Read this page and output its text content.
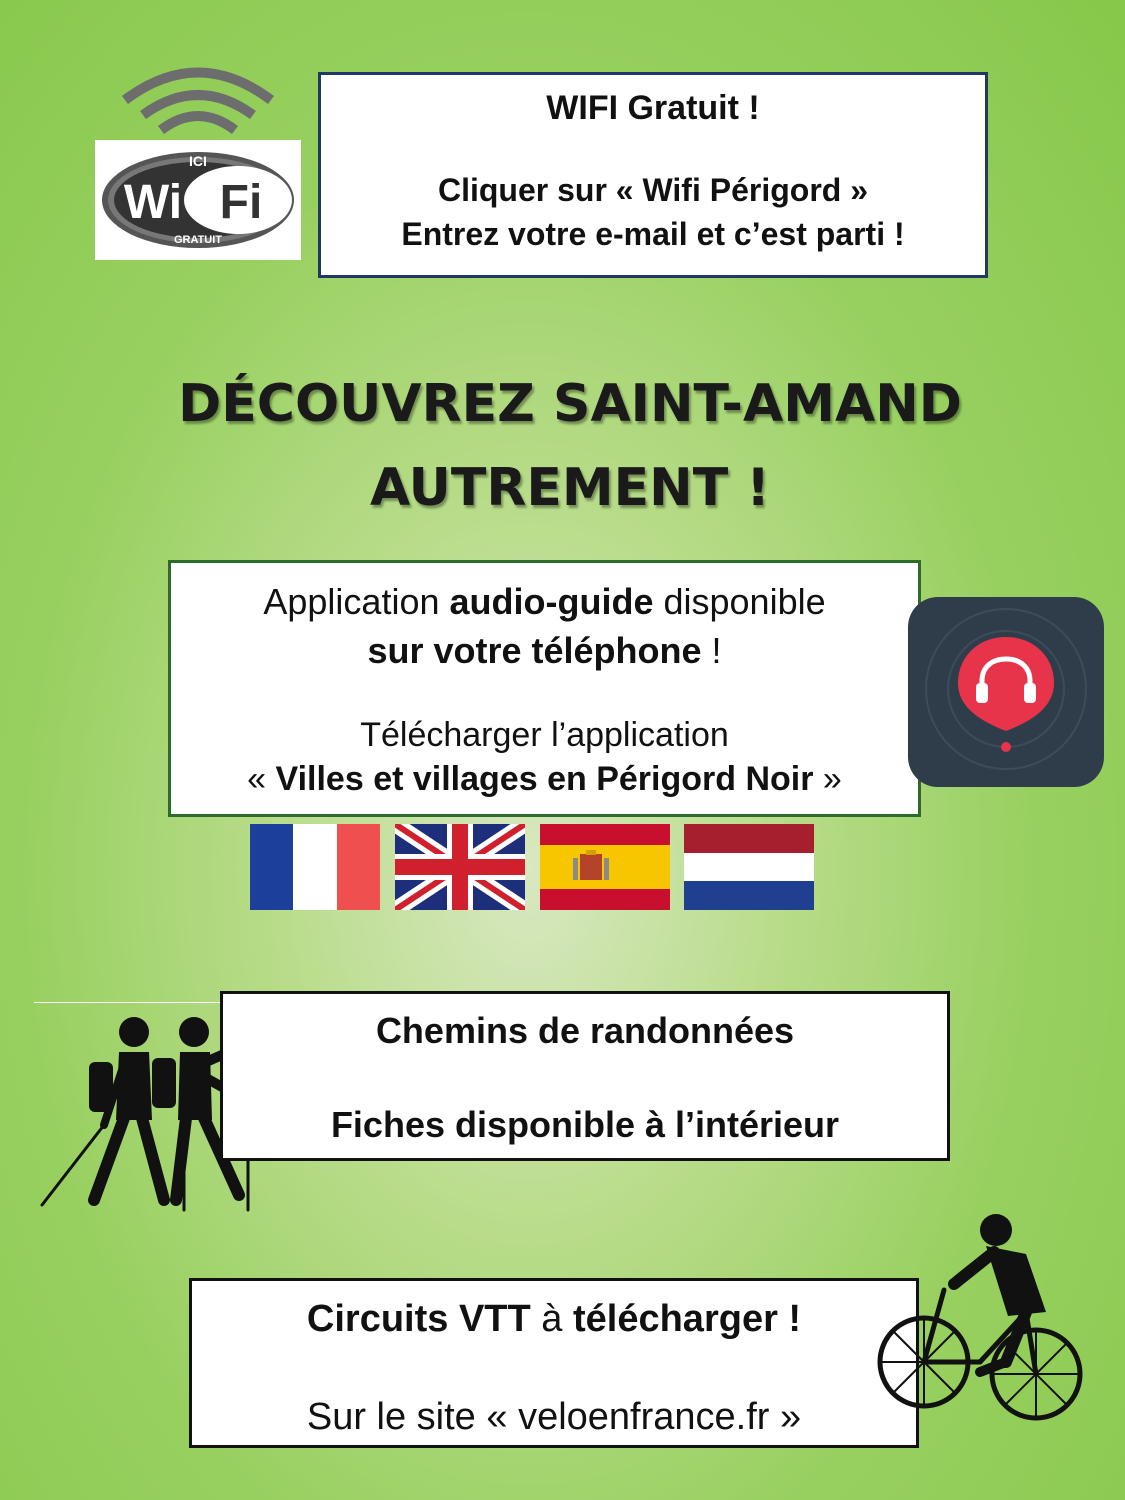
ICI
Wi Fi
GRATUIT
WIFI Gratuit !
Cliquer sur « Wifi Périgord »
Entrez votre e-mail et c’est parti !
DÉCOUVREZ SAINT-AMAND
AUTREMENT !
Application audio-guide disponible
sur votre téléphone !
Télécharger l’application
« Villes et villages en Périgord Noir »
Chemins de randonnées
Fiches disponible à l’intérieur
Circuits VTT à télécharger !
Sur le site « veloenfrance.fr »
